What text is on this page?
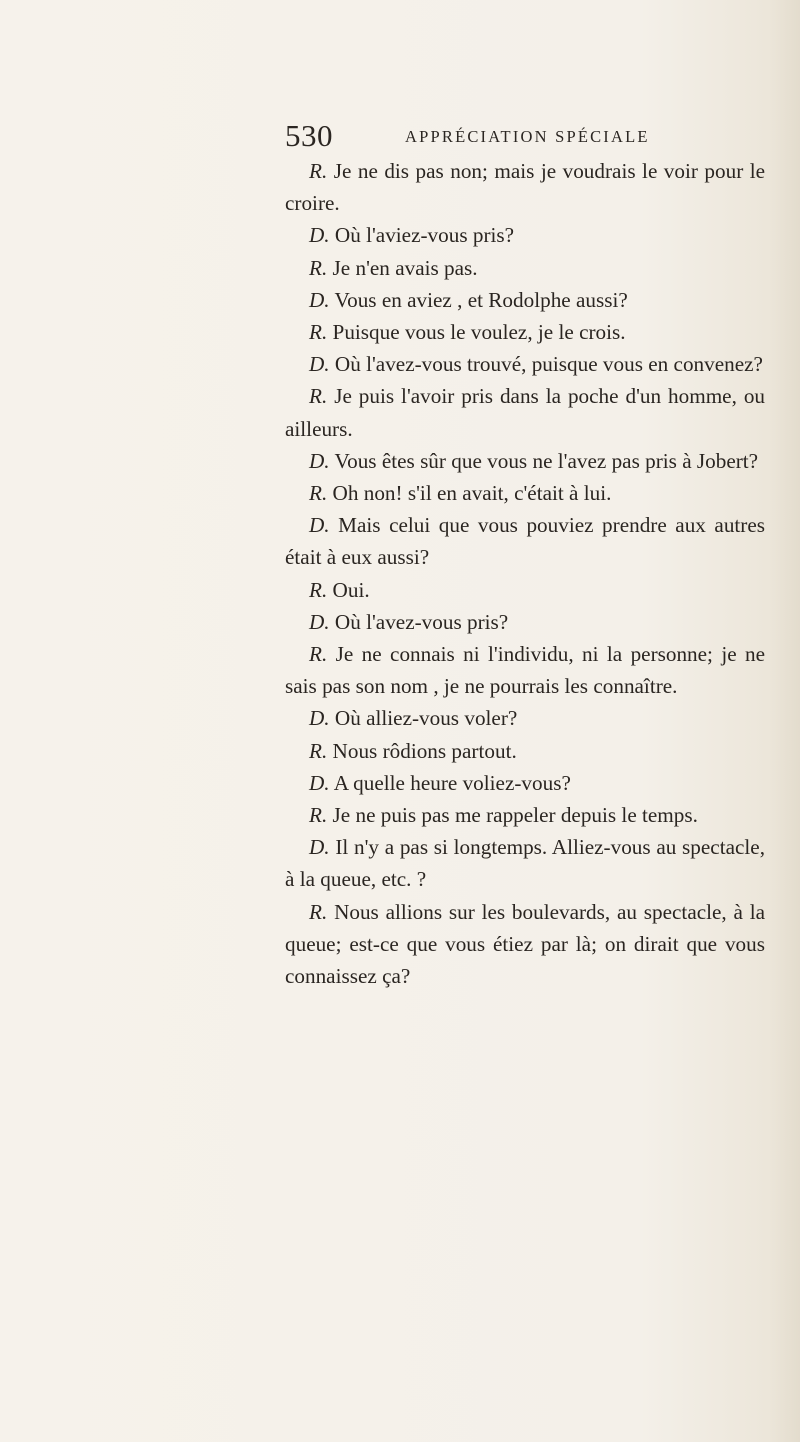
530	APPRÉCIATION SPÉCIALE

R. Je ne dis pas non; mais je voudrais le voir pour le croire.

D. Où l'aviez-vous pris?

R. Je n'en avais pas.

D. Vous en aviez , et Rodolphe aussi?

R. Puisque vous le voulez, je le crois.

D. Où l'avez-vous trouvé, puisque vous en convenez?

R. Je puis l'avoir pris dans la poche d'un homme, ou ailleurs.

D. Vous êtes sûr que vous ne l'avez pas pris à Jobert?

R. Oh non! s'il en avait, c'était à lui.

D. Mais celui que vous pouviez prendre aux autres était à eux aussi?

R. Oui.

D. Où l'avez-vous pris?

R. Je ne connais ni l'individu, ni la personne; je ne sais pas son nom , je ne pourrais les connaître.

D. Où alliez-vous voler?

R. Nous rôdions partout.

D. A quelle heure voliez-vous?

R. Je ne puis pas me rappeler depuis le temps.

D. Il n'y a pas si longtemps. Alliez-vous au spectacle, à la queue, etc. ?

R. Nous allions sur les boulevards, au spectacle, à la queue; est-ce que vous étiez par là; on dirait que vous connaissez ça?
